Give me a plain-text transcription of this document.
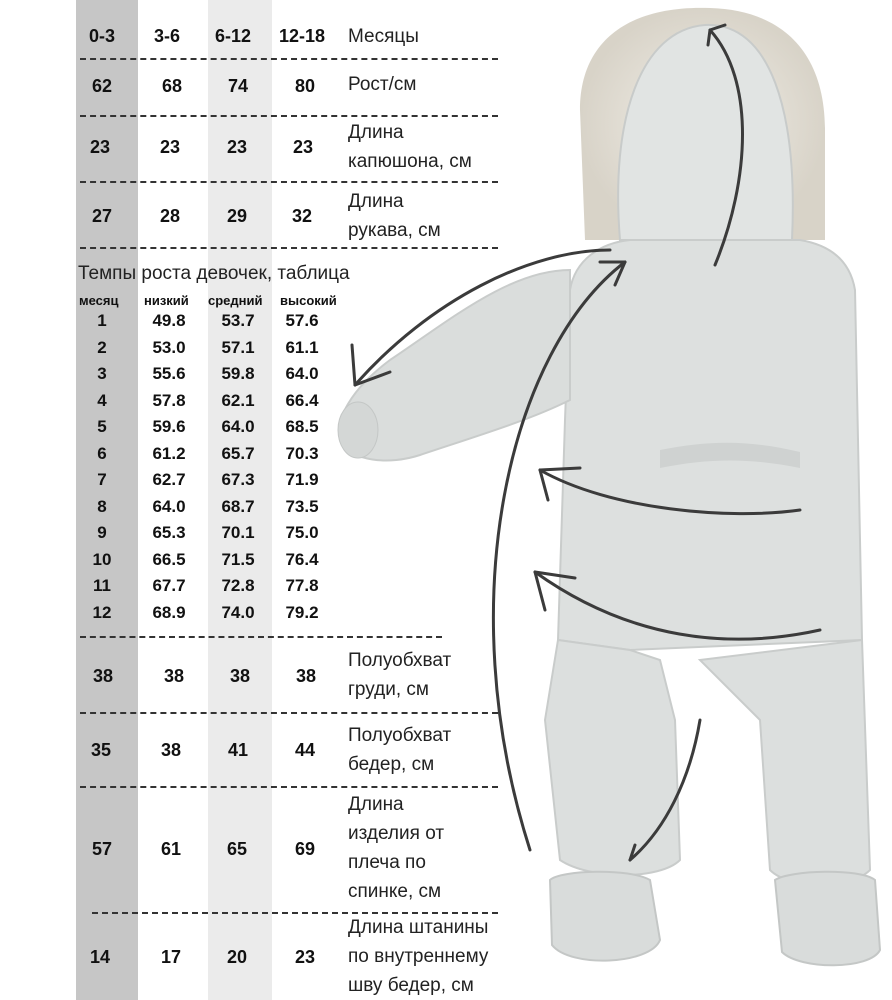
0-3	3-6	6-12	12-18	Месяцы
62	68	74	80	Рост/см
23	23	23	23
Длина
капюшона, см
27	28	29	32
Длина
рукава, см
Темпы роста девочек, таблица
месяц низкий средний высокий
1	49.8	53.7	57.6
2	53.0	57.1	61.1
3	55.6	59.8	64.0
4	57.8	62.1	66.4
5	59.6	64.0	68.5
6	61.2	65.7	70.3
7	62.7	67.3	71.9
8	64.0	68.7	73.5
9	65.3	70.1	75.0
10	66.5	71.5	76.4
11	67.7	72.8	77.8
12	68.9	74.0	79.2
38	38	38	38
Полуобхват
груди, см
35	38	41	44
Полуобхват
бедер, см
57	61	65	69
Длина
изделия от
плеча по
спинке, см
14	17	20	23
Длина штанины
по внутреннему
шву бедер, см
